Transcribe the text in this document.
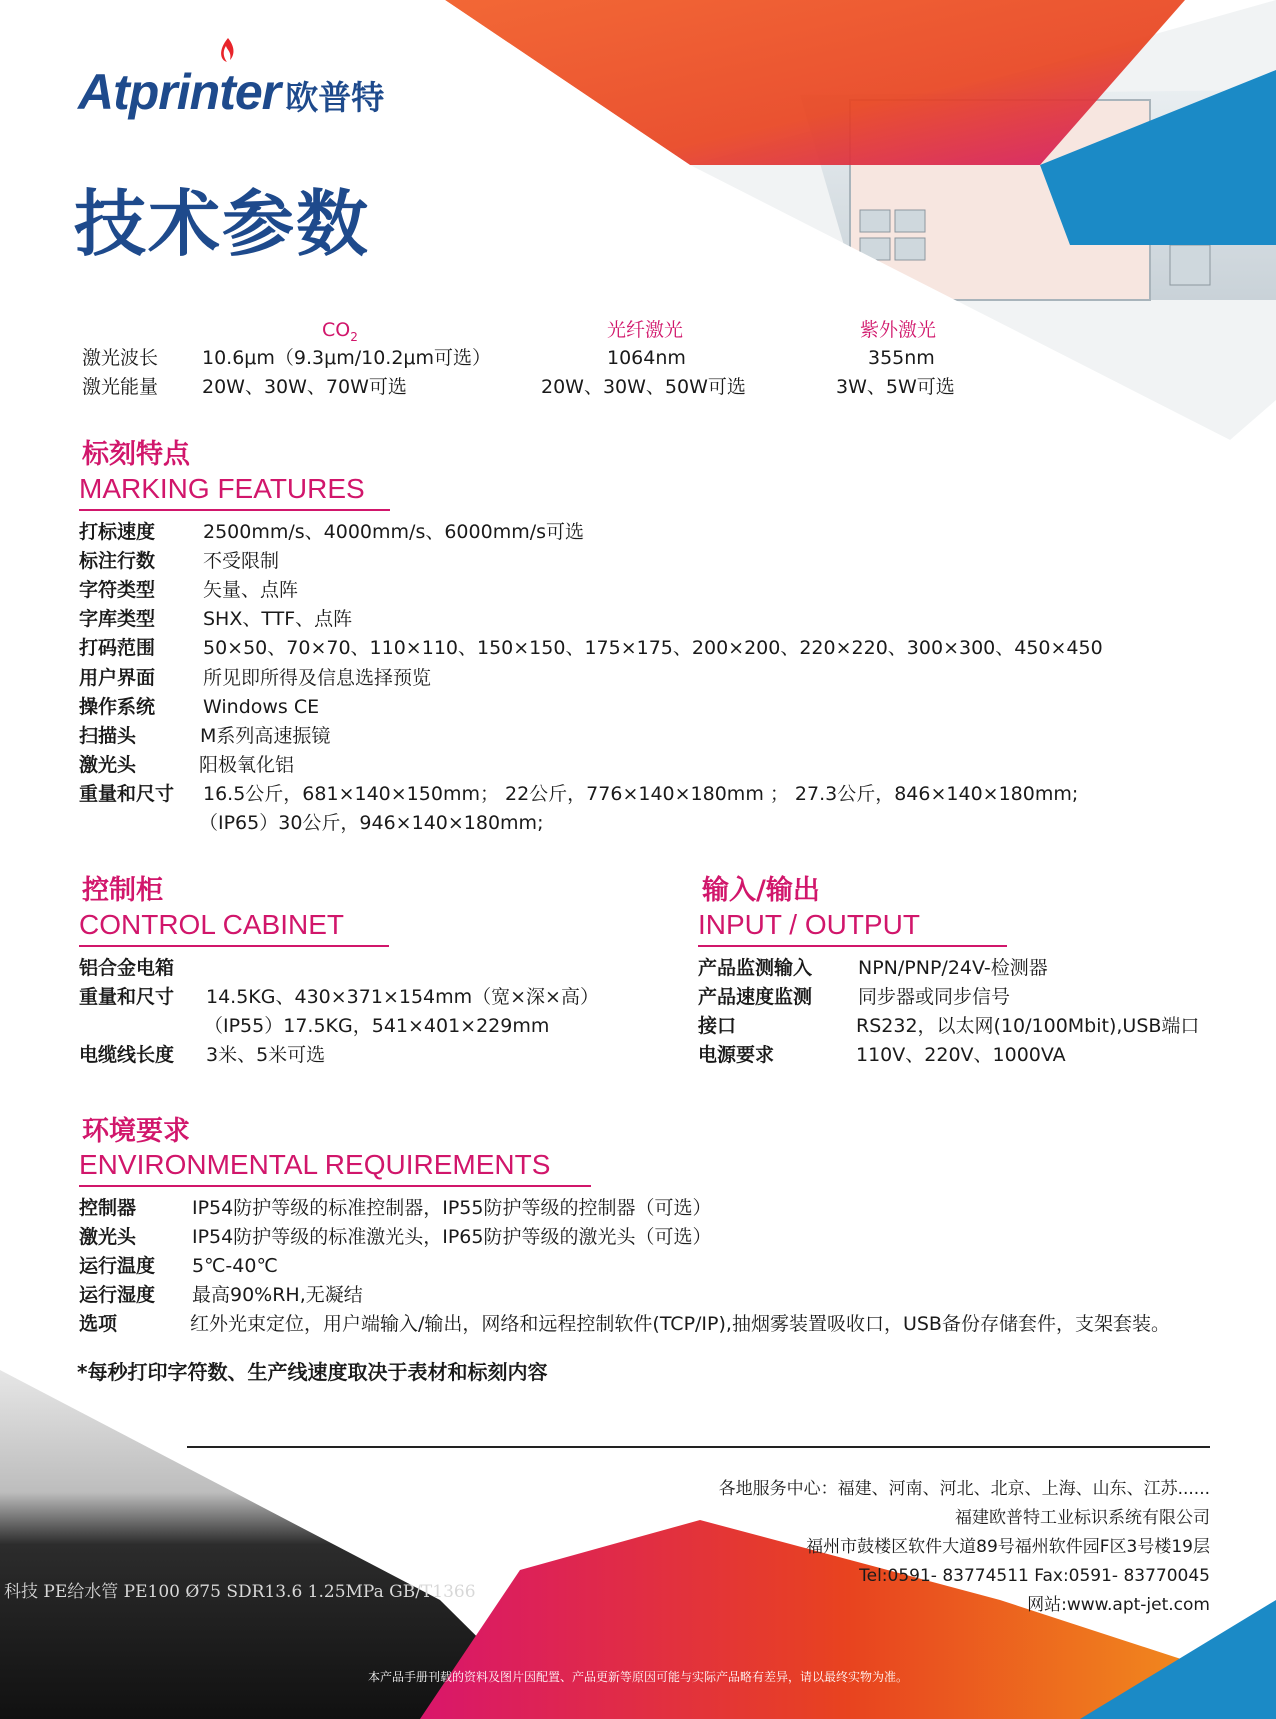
Atprinter 欧普特
技术参数
$CO_2$	光纤激光	紫外激光
激光波长 10.6μm（9.3μm/10.2μm可选）	1064nm	355nm
激光能量 20W、30W、70W可选	20W、30W、50W可选	3W、5W可选
标刻特点
MARKING FEATURES
打标速度	2500mm/s、4000mm/s、6000mm/s可选
标注行数	不受限制
字符类型	矢量、点阵
字库类型	SHX、TTF、点阵
打码范围	50×50、70×70、110×110、150×150、175×175、200×200、220×220、300×300、450×450
用户界面	所见即所得及信息选择预览
操作系统	Windows CE
扫描头	M系列高速振镜
激光头	阳极氧化铝
重量和尺寸 16.5公斤，681×140×150mm； 22公斤，776×140×180mm ； 27.3公斤，846×140×180mm;
（IP65）30公斤，946×140×180mm;
控制柜
CONTROL CABINET
铝合金电箱
重量和尺寸 14.5KG、430×371×154mm（宽×深×高）
（IP55）17.5KG，541×401×229mm
电缆线长度 3米、5米可选
输入/输出
INPUT / OUTPUT
产品监测输入 NPN/PNP/24V-检测器
产品速度监测 同步器或同步信号
接口	RS232，以太网(10/100Mbit),USB端口
电源要求	110V、220V、1000VA
环境要求
ENVIRONMENTAL REQUIREMENTS
控制器	IP54防护等级的标准控制器，IP55防护等级的控制器（可选）
激光头	IP54防护等级的标准激光头，IP65防护等级的激光头（可选）
运行温度 5℃-40℃
运行湿度 最高90%RH,无凝结
选项	红外光束定位，用户端输入/输出，网络和远程控制软件(TCP/IP),抽烟雾装置吸收口，USB备份存储套件，支架套装。
*每秒打印字符数、生产线速度取决于表材和标刻内容
各地服务中心：福建、河南、河北、北京、上海、山东、江苏......
福建欧普特工业标识系统有限公司
福州市鼓楼区软件大道89号福州软件园F区3号楼19层
Tel:0591- 83774511 Fax:0591- 83770045
网站:www.apt-jet.com
科技 PE给水管 PE100 Ø75 SDR13.6 1.25MPa GB/T1366
本产品手册刊载的资料及图片因配置、产品更新等原因可能与实际产品略有差异，请以最终实物为准。
